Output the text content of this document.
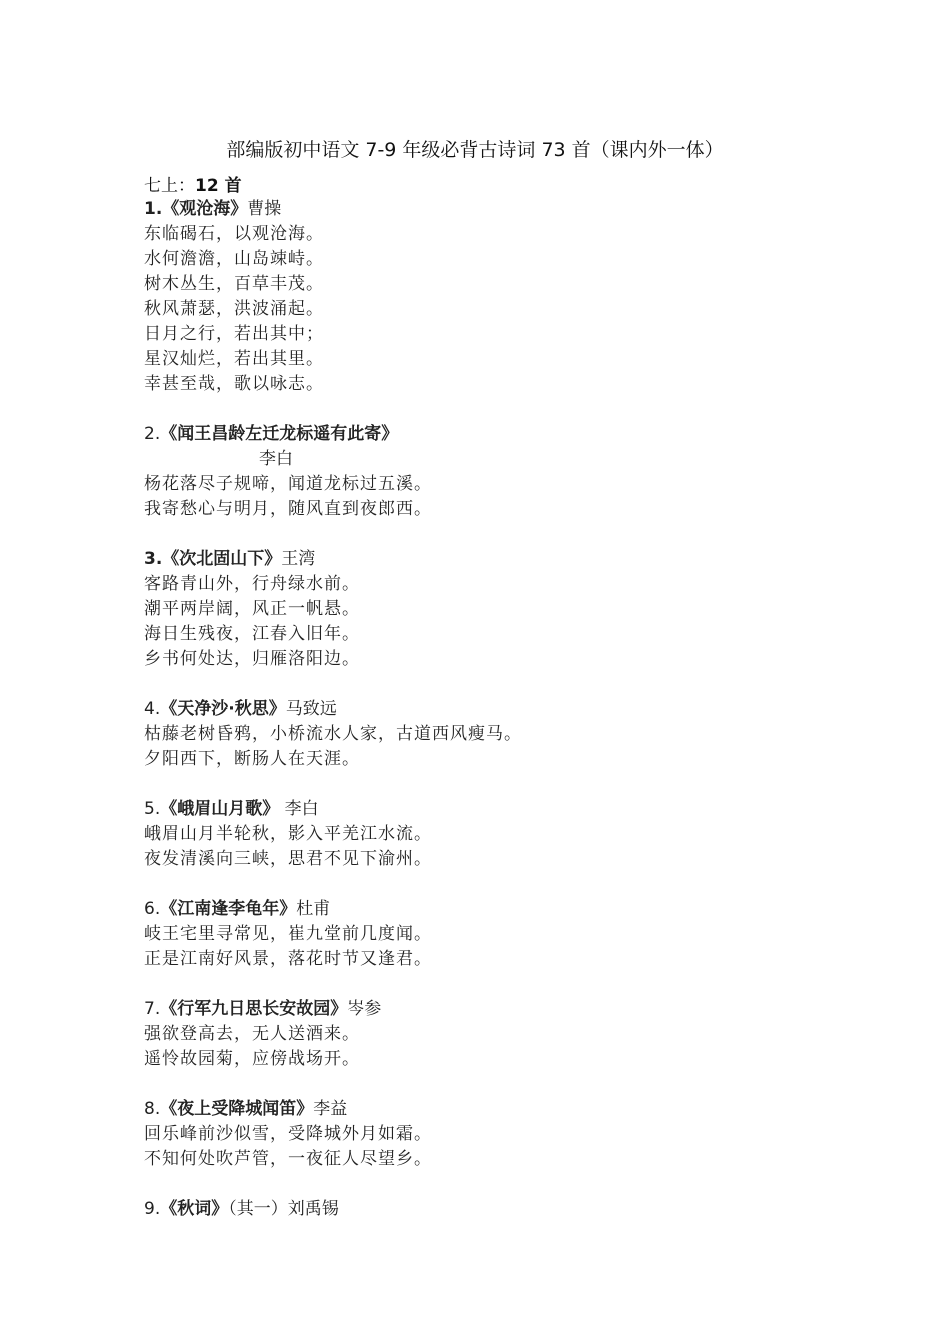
部编版初中语文 7-9 年级必背古诗词 73 首（课内外一体）
七上：12 首
1.《观沧海》曹操
东临碣石，以观沧海。
水何澹澹，山岛竦峙。
树木丛生，百草丰茂。
秋风萧瑟，洪波涌起。
日月之行，若出其中；
星汉灿烂，若出其里。
幸甚至哉，歌以咏志。
2.《闻王昌龄左迁龙标遥有此寄》
李白
杨花落尽子规啼，闻道龙标过五溪。
我寄愁心与明月，随风直到夜郎西。
3.《次北固山下》王湾
客路青山外，行舟绿水前。
潮平两岸阔，风正一帆悬。
海日生残夜，江春入旧年。
乡书何处达，归雁洛阳边。
4.《天净沙·秋思》马致远
枯藤老树昏鸦，小桥流水人家，古道西风瘦马。
夕阳西下，断肠人在天涯。
5.《峨眉山月歌》 李白
峨眉山月半轮秋，影入平羌江水流。
夜发清溪向三峡，思君不见下渝州。
6.《江南逢李龟年》杜甫
岐王宅里寻常见，崔九堂前几度闻。
正是江南好风景，落花时节又逢君。
7.《行军九日思长安故园》岑参
强欲登高去，无人送酒来。
遥怜故园菊，应傍战场开。
8.《夜上受降城闻笛》李益
回乐峰前沙似雪，受降城外月如霜。
不知何处吹芦管，一夜征人尽望乡。
9.《秋词》（其一）刘禹锡
